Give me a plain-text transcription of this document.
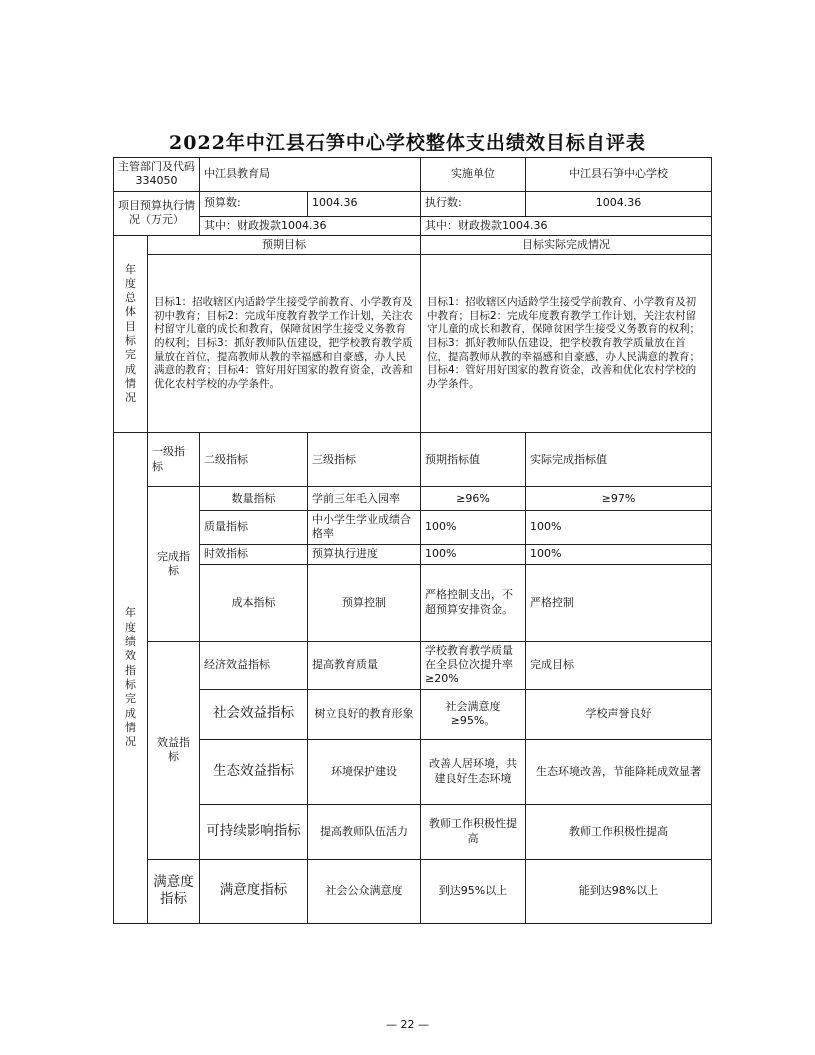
2022年中江县石笋中心学校整体支出绩效目标自评表
主管部门及代码334050		中江县教育局		实施单位	中江县石笋中心学校
项目预算执行情况（万元）		预算数:	1004.36	执行数:	1004.36
		其中：财政拨款1004.36		其中：财政拨款1004.36	
年度总体目标完成情况	预期目标			目标实际完成情况	
	目标1：招收辖区内适龄学生接受学前教育、小学教育及初中教育；目标2：完成年度教育教学工作计划，关注农村留守儿童的成长和教育，保障贫困学生接受义务教育的权利；目标3：抓好教师队伍建设，把学校教育教学质量放在首位，提高教师从教的幸福感和自豪感，办人民满意的教育；目标4：管好用好国家的教育资金，改善和优化农村学校的办学条件。			目标1：招收辖区内适龄学生接受学前教育、小学教育及初中教育；目标2：完成年度教育教学工作计划，关注农村留守儿童的成长和教育，保障贫困学生接受义务教育的权利；目标3：抓好教师队伍建设，把学校教育教学质量放在首位，提高教师从教的幸福感和自豪感，办人民满意的教育；目标4：管好用好国家的教育资金，改善和优化农村学校的办学条件。	
年度绩效指标完成情况	一级指标	二级指标	三级指标	预期指标值	实际完成指标值
	完成指标	数量指标	学前三年毛入园率	≥96%	≥97%
		质量指标	中小学生学业成绩合格率	100%	100%
		时效指标	预算执行进度	100%	100%
		成本指标	预算控制	严格控制支出，不超预算安排资金。	严格控制
	效益指标	经济效益指标	提高教育质量	学校教育教学质量在全县位次提升率≥20%	完成目标
		社会效益指标	树立良好的教育形象	社会满意度≥95%。	学校声誉良好
		生态效益指标	环境保护建设	改善人居环境，共建良好生态环境	生态环境改善，节能降耗成效显著
		可持续影响指标	提高教师队伍活力	教师工作积极性提高	教师工作积极性提高
	满意度指标	满意度指标	社会公众满意度	到达95%以上	能到达98%以上
— 22 —
